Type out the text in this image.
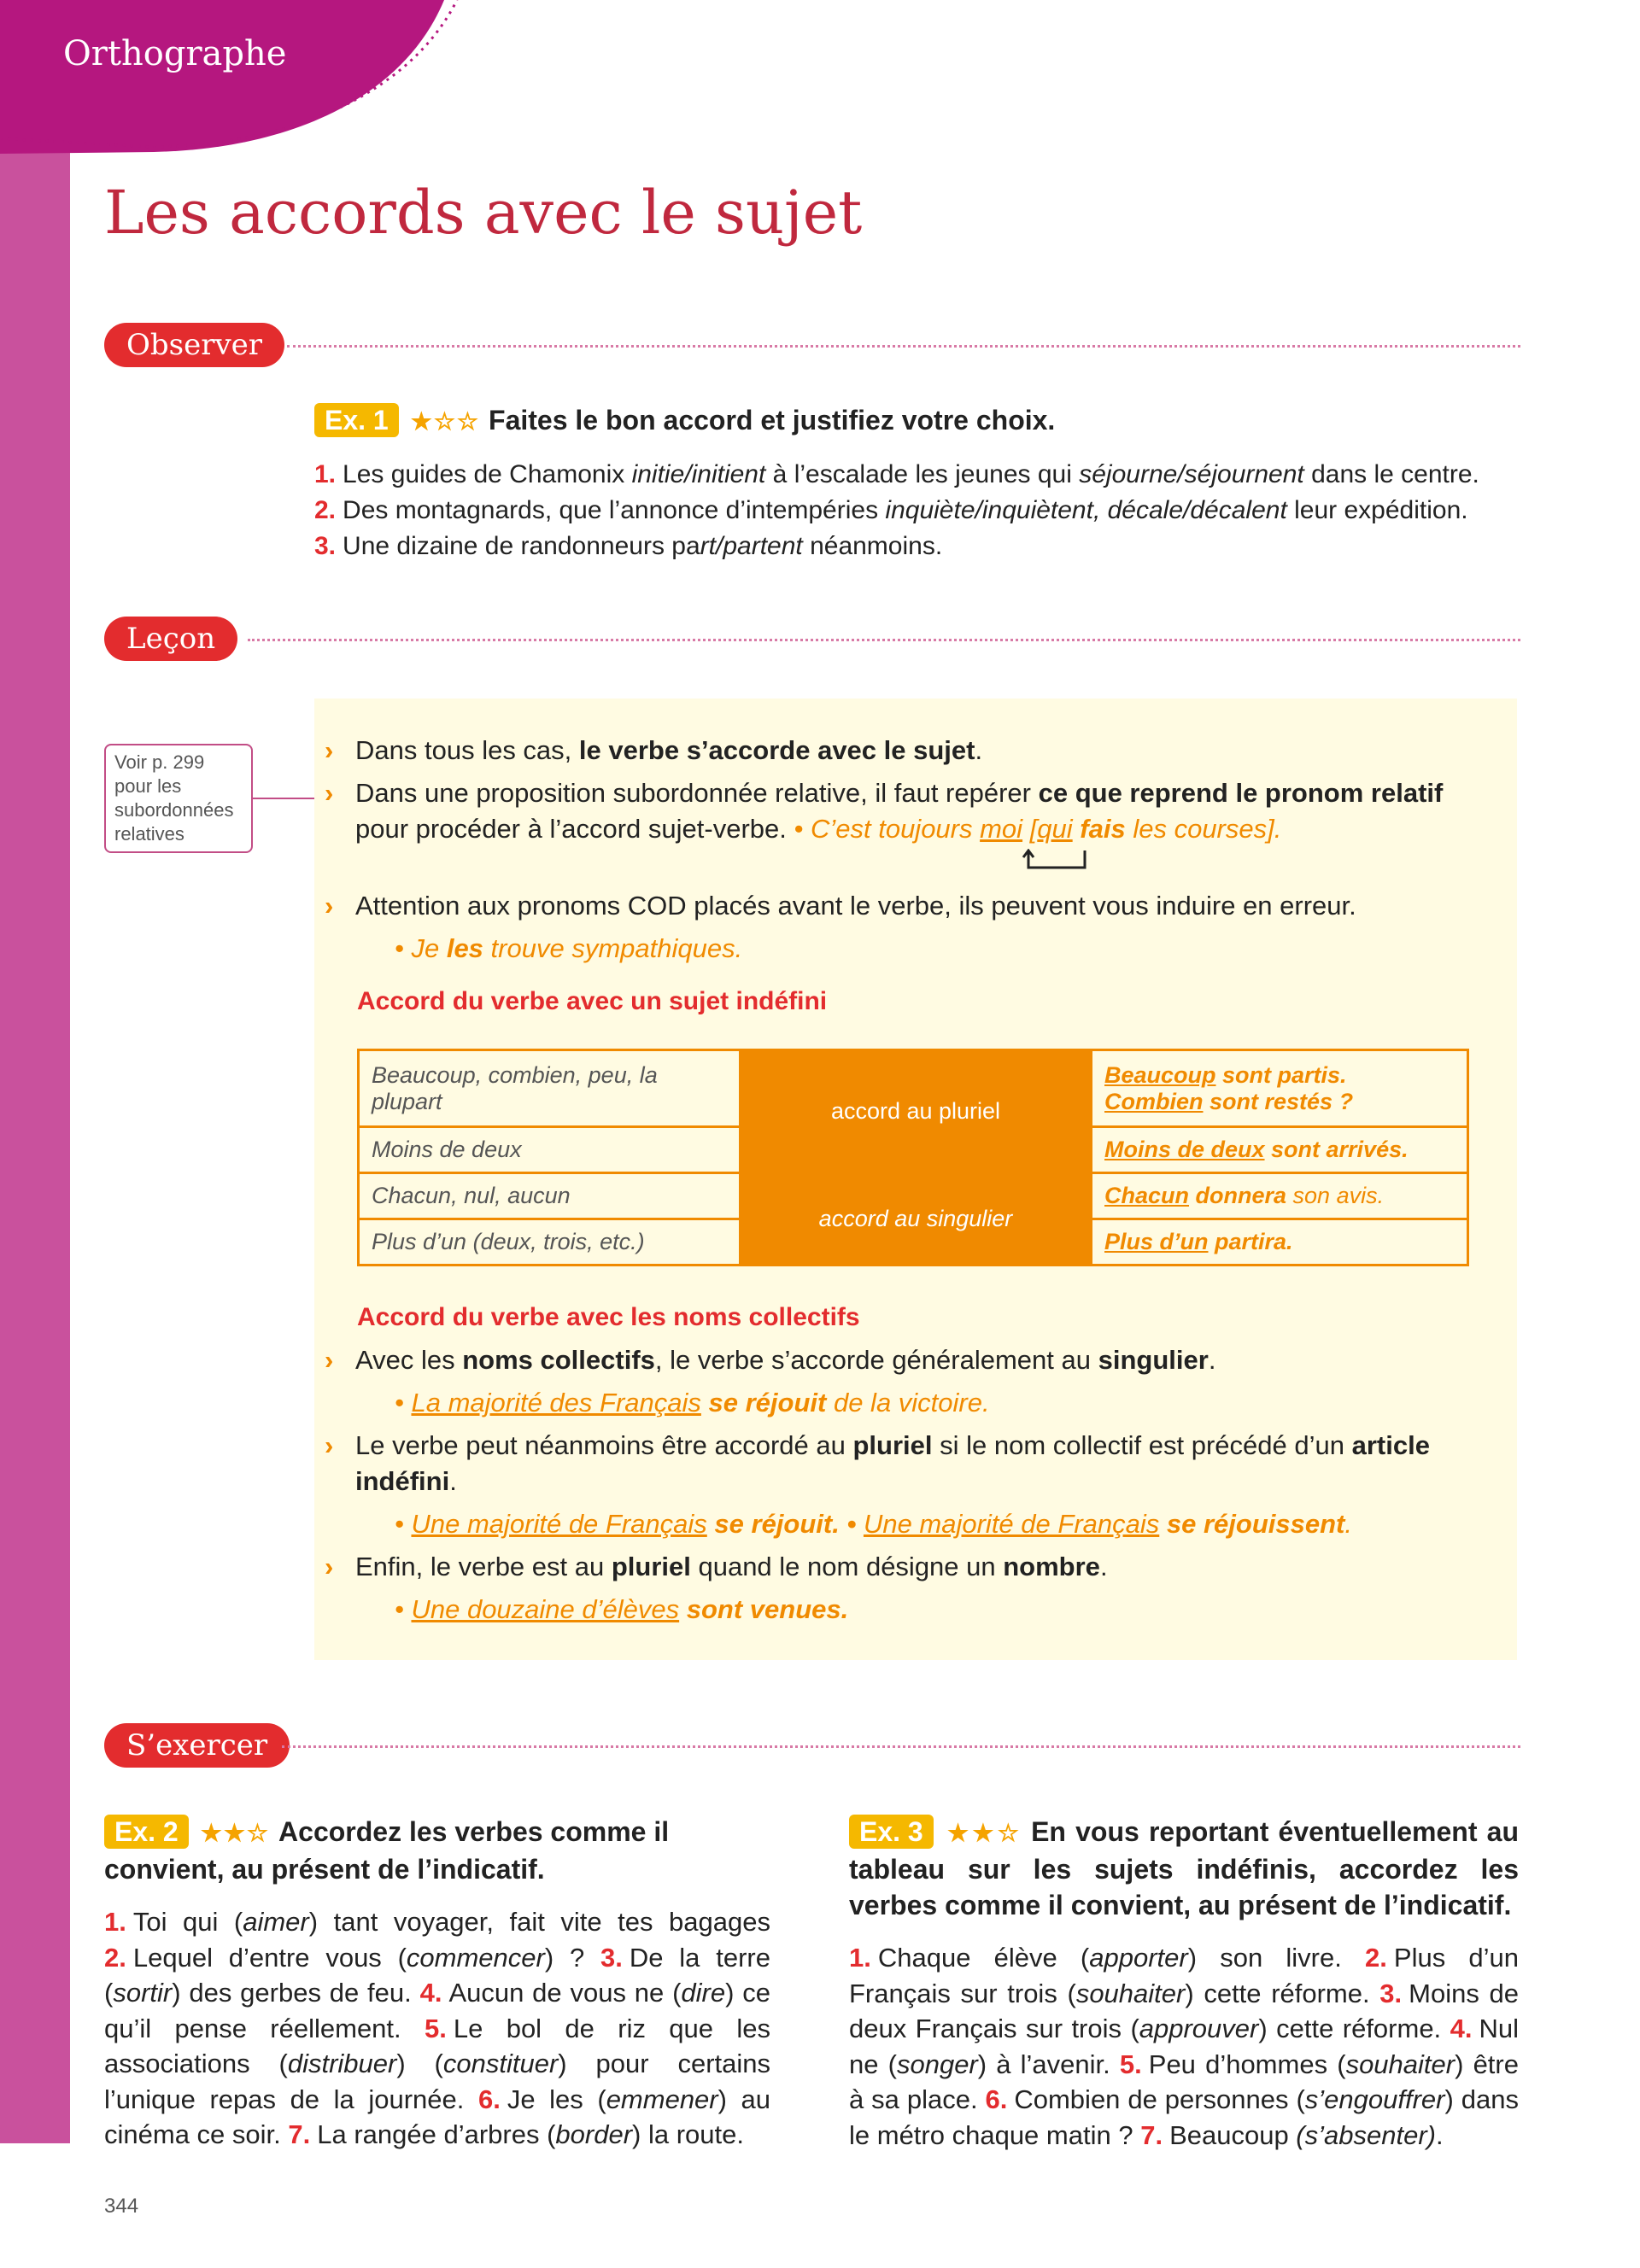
Orthographe
Les accords avec le sujet
Observer
Ex. 1 ★☆☆ Faites le bon accord et justifiez votre choix.
1. Les guides de Chamonix initie/initient à l’escalade les jeunes qui séjourne/séjournent dans le centre.
2. Des montagnards, que l’annonce d’intempéries inquiète/inquiètent, décale/décalent leur expédition.
3. Une dizaine de randonneurs part/partent néanmoins.
Leçon
Voir p. 299 pour les subordonnées relatives
› Dans tous les cas, le verbe s’accorde avec le sujet.
› Dans une proposition subordonnée relative, il faut repérer ce que reprend le pronom relatif
pour procéder à l’accord sujet-verbe. • C’est toujours moi [qui fais les courses].
› Attention aux pronoms COD placés avant le verbe, ils peuvent vous induire en erreur.
• Je les trouve sympathiques.
Accord du verbe avec un sujet indéfini
Beaucoup, combien, peu, la plupart	accord au pluriel	Beaucoup sont partis.
Combien sont restés ?
Moins de deux		Moins de deux sont arrivés.
Chacun, nul, aucun	accord au singulier	Chacun donnera son avis.
Plus d’un (deux, trois, etc.)		Plus d’un partira.
Accord du verbe avec les noms collectifs
› Avec les noms collectifs, le verbe s’accorde généralement au singulier.
• La majorité des Français se réjouit de la victoire.
› Le verbe peut néanmoins être accordé au pluriel si le nom collectif est précédé d’un article
indéfini.
• Une majorité de Français se réjouit. • Une majorité de Français se réjouissent.
› Enfin, le verbe est au pluriel quand le nom désigne un nombre.
• Une douzaine d’élèves sont venues.
S’exercer
Ex. 2 ★★☆ Accordez les verbes comme il convient, au présent de l’indicatif.
1. Toi qui (aimer) tant voyager, fait vite tes bagages 2. Lequel d’entre vous (commencer) ? 3. De la terre (sortir) des gerbes de feu. 4. Aucun de vous ne (dire) ce qu’il pense réellement. 5. Le bol de riz que les associations (distribuer) (constituer) pour certains l’unique repas de la journée. 6. Je les (emmener) au cinéma ce soir. 7. La rangée d’arbres (border) la route.
Ex. 3 ★★☆ En vous reportant éventuellement au tableau sur les sujets indéfinis, accordez les verbes comme il convient, au présent de l’indicatif.
1. Chaque élève (apporter) son livre. 2. Plus d’un Français sur trois (souhaiter) cette réforme. 3. Moins de deux Français sur trois (approuver) cette réforme. 4. Nul ne (songer) à l’avenir. 5. Peu d’hommes (souhaiter) être à sa place. 6. Combien de personnes (s’engouffrer) dans le métro chaque matin ? 7. Beaucoup (s’absenter).
344
